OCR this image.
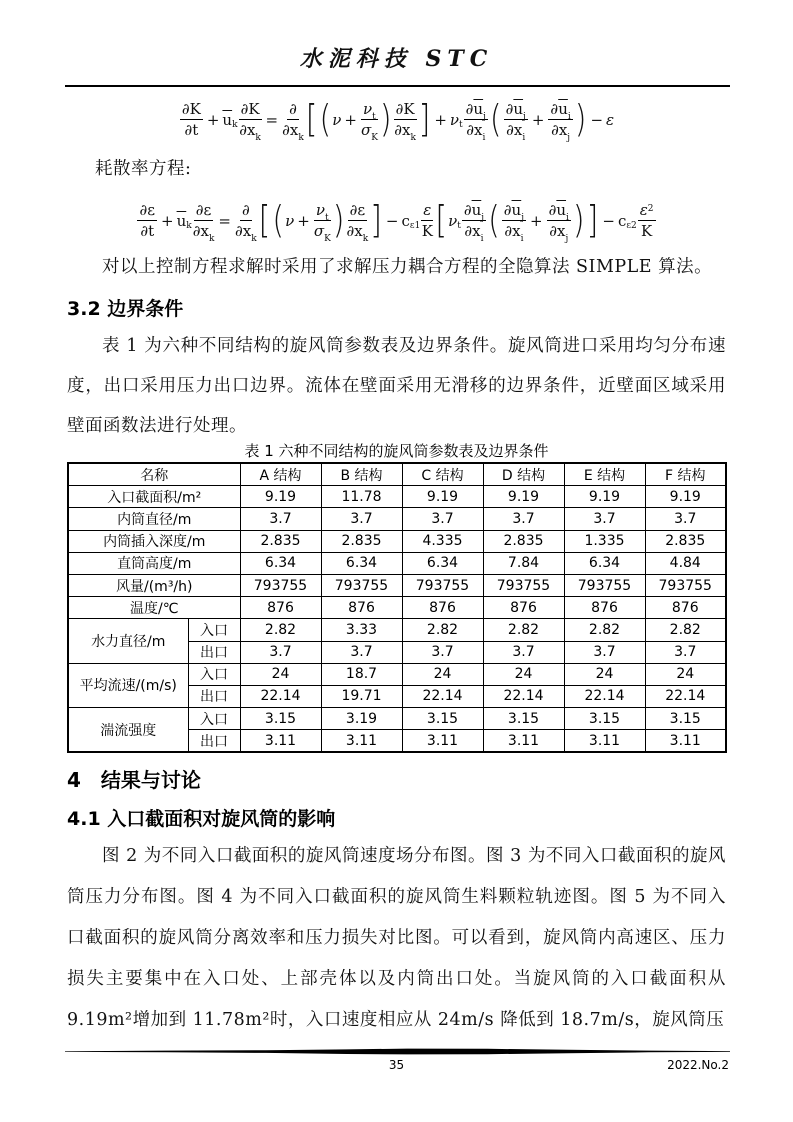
水泥科技 STC
$\frac{\partial K}{\partial t} + \overline{u}$ k $\frac{\partial K}{\partial x_k} = \frac{\partial}{\partial x_k}$ [ ( $\nu + \frac{\nu_t}{\sigma_K}$ ) $\frac{\partial K}{\partial x_k}$ ] + ν t $\frac{\partial\overline{u}_j}{\partial x_i}$ ( $\frac{\partial\overline{u}_j}{\partial x_i} + \frac{\partial\overline{u}_i}{\partial x_j}$ ) − ε
耗散率方程:
$\frac{\partial\varepsilon}{\partial t} + \overline{u}$ k $\frac{\partial\varepsilon}{\partial x_k} = \frac{\partial}{\partial x_k}$ [ ( $\nu + \frac{\nu_t}{\sigma_K}$ ) $\frac{\partial\varepsilon}{\partial x_k}$ ] − c $\varepsilon 1 \frac{\varepsilon}{K}$ [ ν t $\frac{\partial\overline{u}_j}{\partial x_i}$ ( $\frac{\partial\overline{u}_j}{\partial x_i} + \frac{\partial\overline{u}_i}{\partial x_j}$ ) ] − c $\varepsilon 2 \frac{\varepsilon^2}{K}$
对以上控制方程求解时采用了求解压力耦合方程的全隐算法 SIMPLE 算法。
3.2 边界条件
表 1 为六种不同结构的旋风筒参数表及边界条件。旋风筒进口采用均匀分布速度，出口采用压力出口边界。流体在壁面采用无滑移的边界条件，近壁面区域采用壁面函数法进行处理。
表 1 六种不同结构的旋风筒参数表及边界条件
名称		A 结构	B 结构	C 结构	D 结构	E 结构	F 结构
入口截面积/m²		9.19	11.78	9.19	9.19	9.19	9.19
内筒直径/m		3.7	3.7	3.7	3.7	3.7	3.7
内筒插入深度/m		2.835	2.835	4.335	2.835	1.335	2.835
直筒高度/m		6.34	6.34	6.34	7.84	6.34	4.84
风量/(m³/h)		793755	793755	793755	793755	793755	793755
温度/℃		876	876	876	876	876	876
水力直径/m	入口	2.82	3.33	2.82	2.82	2.82	2.82
	出口	3.7	3.7	3.7	3.7	3.7	3.7
平均流速/(m/s)	入口	24	18.7	24	24	24	24
	出口	22.14	19.71	22.14	22.14	22.14	22.14
湍流强度	入口	3.15	3.19	3.15	3.15	3.15	3.15
	出口	3.11	3.11	3.11	3.11	3.11	3.11
4　结果与讨论
4.1 入口截面积对旋风筒的影响
图 2 为不同入口截面积的旋风筒速度场分布图。图 3 为不同入口截面积的旋风筒压力分布图。图 4 为不同入口截面积的旋风筒生料颗粒轨迹图。图 5 为不同入口截面积的旋风筒分离效率和压力损失对比图。可以看到，旋风筒内高速区、压力损失主要集中在入口处、上部壳体以及内筒出口处。当旋风筒的入口截面积从 9.19m²增加到 11.78m²时，入口速度相应从 24m/s 降低到 18.7m/s，旋风筒压
35	2022.No.2
